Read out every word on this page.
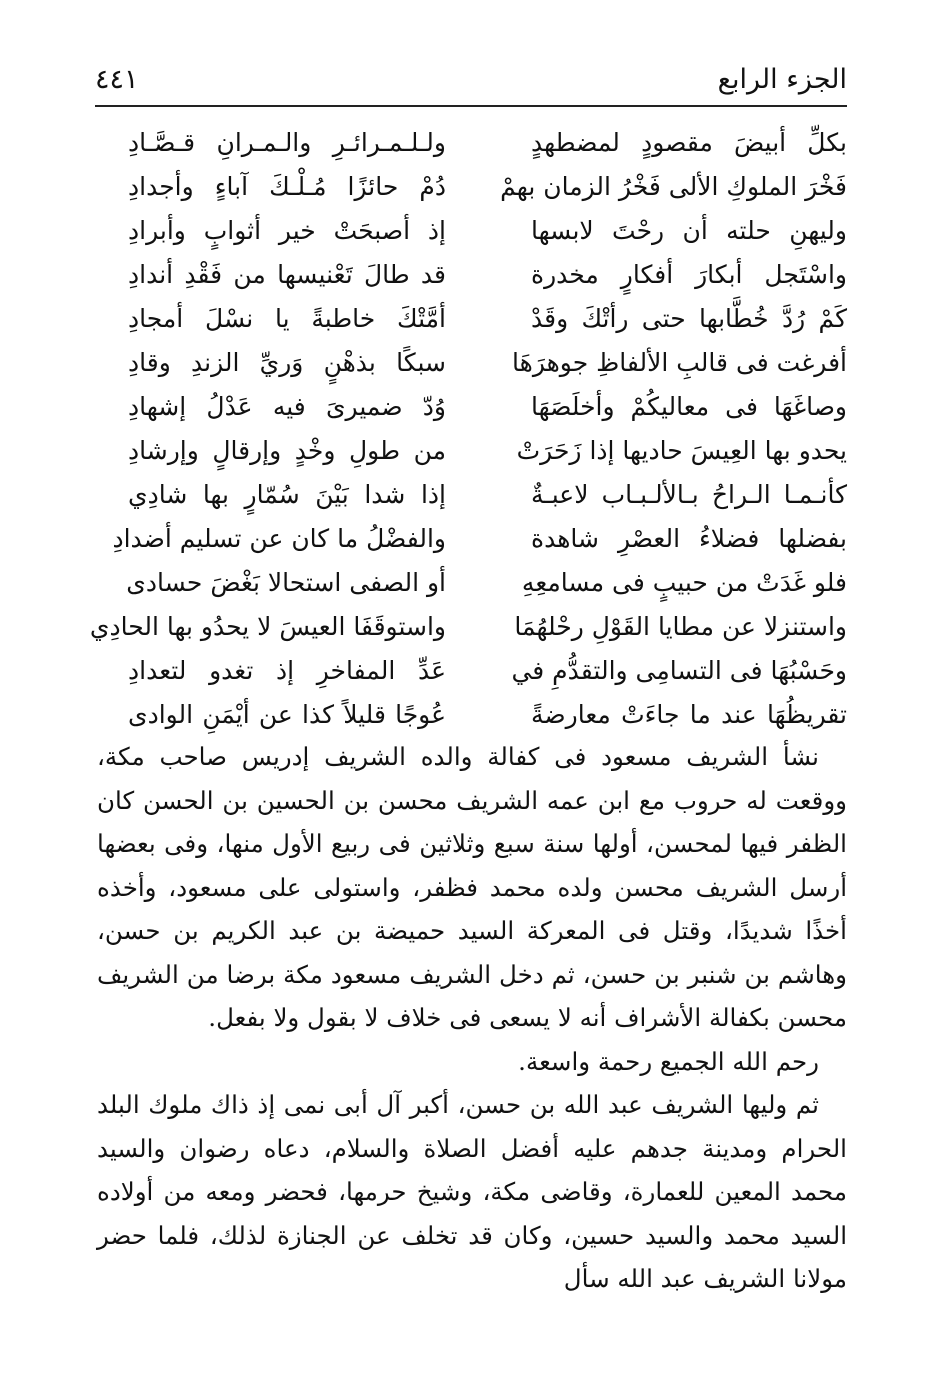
الجزء الرابع
٤٤١
بكلِّ أبيضَ مقصودٍ لمضطهدٍ
ولـلـمـرائـرِ والـمـرانِ قـصَّـادِ
فَخْرَ الملوكِ الألى فَخْرُ الزمان بهمْ
دُمْ حائزًا مُـلْـكَ آباءٍ وأجدادِ
وليهنِ حلته أن رحْتَ لابسها
إذ أصبحَتْ خير أثوابٍ وأبرادِ
واسْتَجل أبكارَ أفكارٍ مخدرة
قد طالَ تَعْنيسها من فَقْدِ أندادِ
كَمْ رُدَّ خُطَّابها حتى رأتْكَ وقَدْ
أمَّتْكَ خاطبةً يا نسْلَ أمجادِ
أفرغت فى قالبِ الألفاظِ جوهرَهَا
سبكًا بذهْنٍ وَريِّ الزندِ وقادِ
وصاغَهَا فى معاليكُمْ وأخلَصَهَا
وُدّ ضميرىَ فيه عَدْلُ إشهادِ
يحدو بها العِيسَ حاديها إذا زَحَرَتْ
من طولِ وخْدٍ وإرقالٍ وإرشادِ
كأنـمـا الـراحُ بـالألـبـاب لاعبـةٌ
إذا شدا بَيْنَ سُمّارٍ بها شادِي
بفضلها فضلاءُ العصْرِ شاهدة
والفضْلُ ما كان عن تسليم أضدادِ
فلو غَدَتْ من حبيبٍ فى مسامعِهِ
أو الصفى استحالا بَغْضَ حسادى
واستنزلا عن مطايا القَوْلِ رحْلهُمَا
واستوقَفَا العيسَ لا يحدُو بها الحادِي
وحَسْبُهَا فى التسامِى والتقدُّمِ في
عَدِّ المفاخرِ إذ تغدو لتعدادِ
تقريظُهَا عند ما جاءَتْ معارضةً
عُوجًا قليلاً كذا عن أيْمَنِ الوادى

نشأ الشريف مسعود فى كفالة والده الشريف إدريس صاحب مكة، ووقعت له حروب مع ابن عمه الشريف محسن بن الحسين بن الحسن كان الظفر فيها لمحسن، أولها سنة سبع وثلاثين فى ربيع الأول منها، وفى بعضها أرسل الشريف محسن ولده محمد فظفر، واستولى على مسعود، وأخذه أخذًا شديدًا، وقتل فى المعركة السيد حميضة بن عبد الكريم بن حسن، وهاشم بن شنبر بن حسن، ثم دخل الشريف مسعود مكة برضا من الشريف محسن بكفالة الأشراف أنه لا يسعى فى خلاف لا بقول ولا بفعل.

رحم الله الجميع رحمة واسعة.

ثم وليها الشريف عبد الله بن حسن، أكبر آل أبى نمى إذ ذاك ملوك البلد الحرام ومدينة جدهم عليه أفضل الصلاة والسلام، دعاه رضوان والسيد محمد المعين للعمارة، وقاضى مكة، وشيخ حرمها، فحضر ومعه من أولاده السيد محمد والسيد حسين، وكان قد تخلف عن الجنازة لذلك، فلما حضر مولانا الشريف عبد الله سأل
